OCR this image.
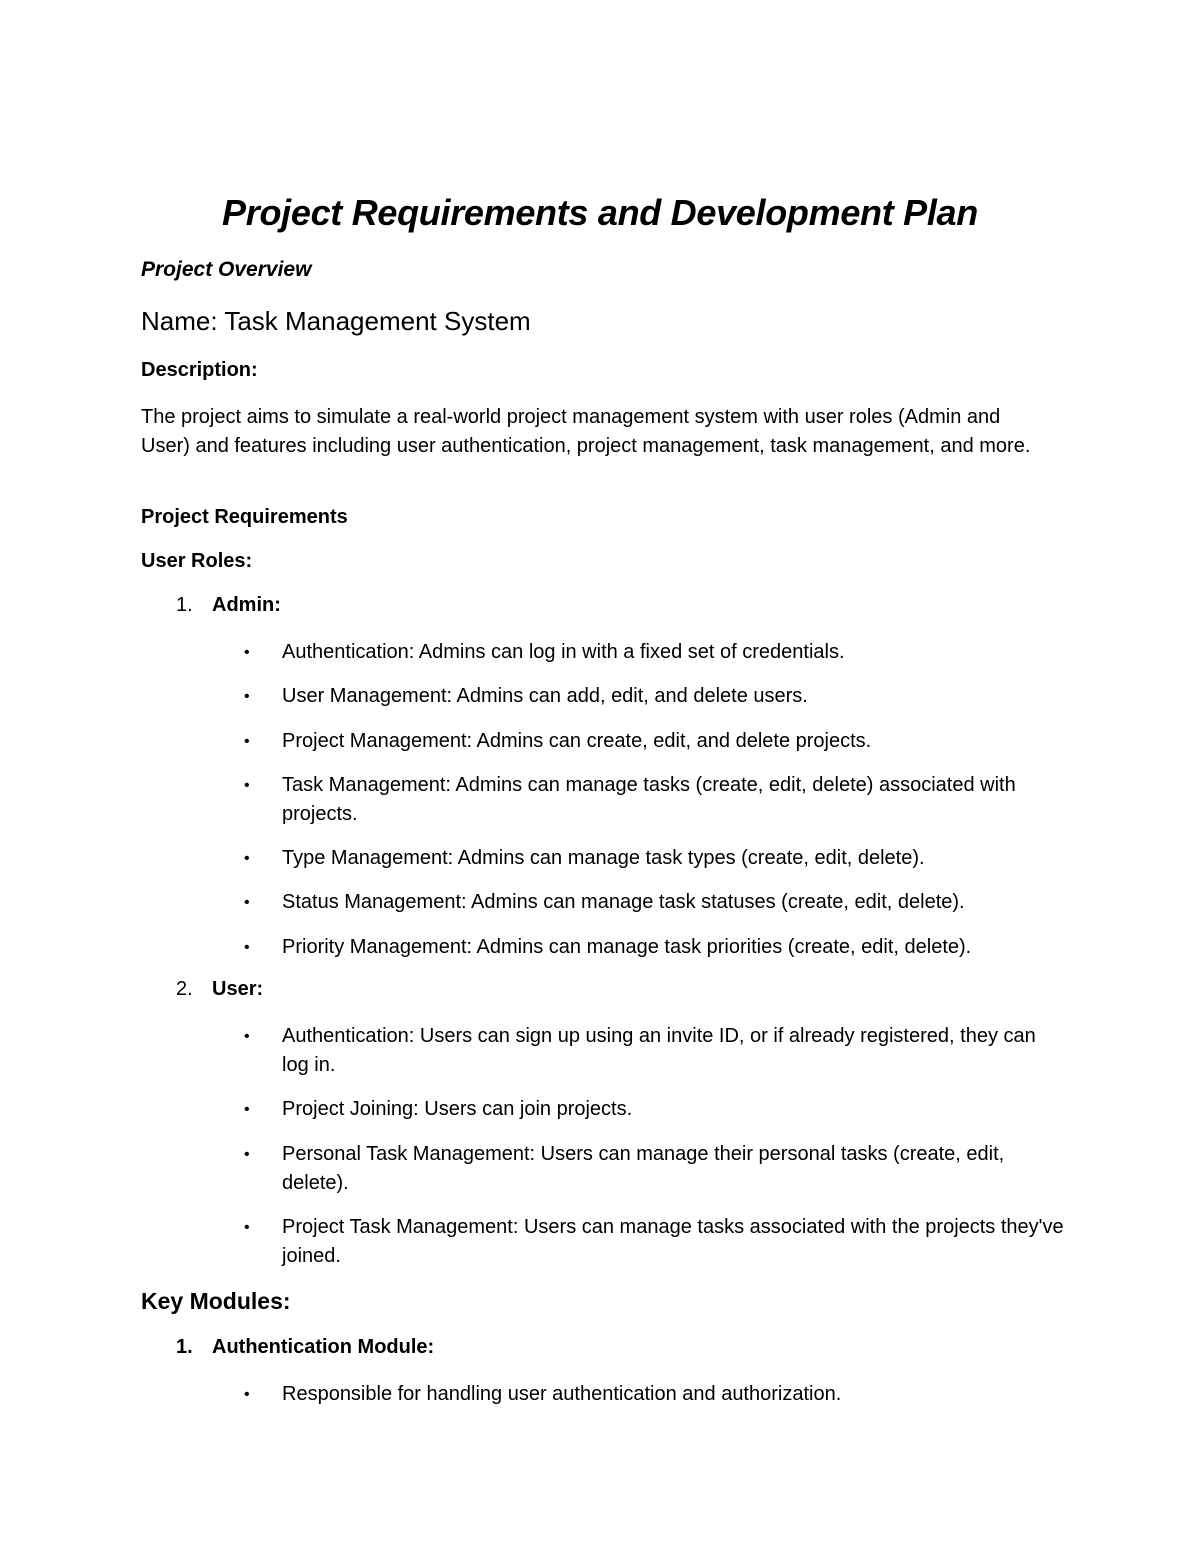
Project Requirements and Development Plan
Project Overview
Name: Task Management System

Description:

The project aims to simulate a real-world project management system with user roles (Admin and User) and features including user authentication, project management, task management, and more.

Project Requirements

User Roles:

1. Admin:

•	Authentication: Admins can log in with a fixed set of credentials.
•	User Management: Admins can add, edit, and delete users.
•	Project Management: Admins can create, edit, and delete projects.
•	Task Management: Admins can manage tasks (create, edit, delete) associated with projects.
•	Type Management: Admins can manage task types (create, edit, delete).
•	Status Management: Admins can manage task statuses (create, edit, delete).
•	Priority Management: Admins can manage task priorities (create, edit, delete).

2. User:

•	Authentication: Users can sign up using an invite ID, or if already registered, they can log in.
•	Project Joining: Users can join projects.
•	Personal Task Management: Users can manage their personal tasks (create, edit, delete).
•	Project Task Management: Users can manage tasks associated with the projects they've joined.
Key Modules:

1. Authentication Module:

•	Responsible for handling user authentication and authorization.
